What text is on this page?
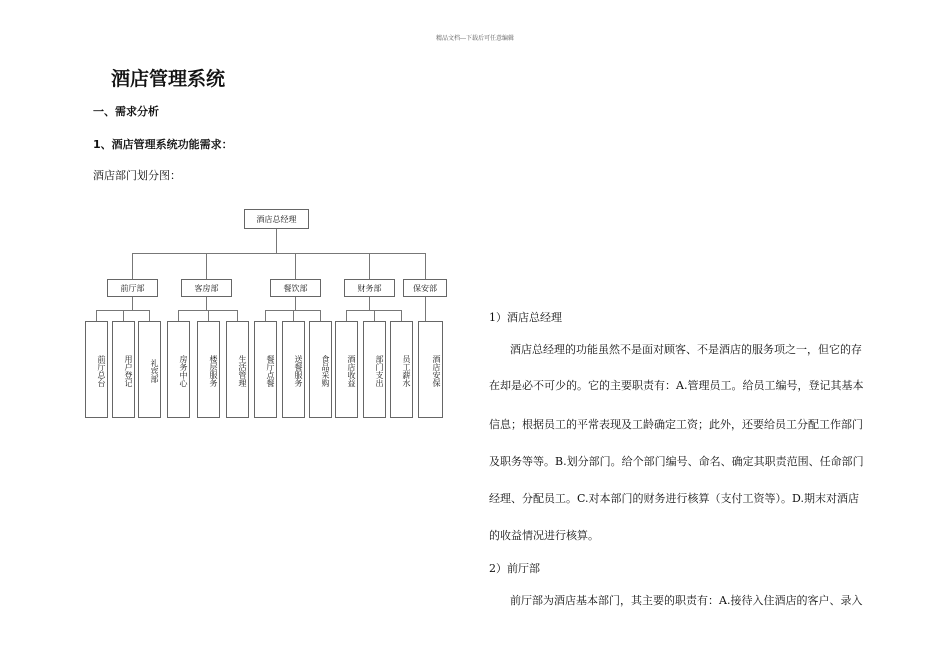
精品文档---下载后可任意编辑
酒店管理系统
一、需求分析
1、酒店管理系统功能需求：
酒店部门划分图：
酒店总经理
前厅部	客房部	餐饮部	财务部	保安部
前厅总台	用户登记	礼宾部	房务中心	楼层服务	生活管理	餐厅点餐	送餐服务	食品采购	酒店收益	部门支出	员工薪水	酒店安保
1）酒店总经理
酒店总经理的功能虽然不是面对顾客、不是酒店的服务项之一，但它的存
在却是必不可少的。它的主要职责有：A.管理员工。给员工编号，登记其基本
信息；根据员工的平常表现及工龄确定工资；此外，还要给员工分配工作部门
及职务等等。B.划分部门。给个部门编号、命名、确定其职责范围、任命部门
经理、分配员工。C.对本部门的财务进行核算（支付工资等）。D.期末对酒店
的收益情况进行核算。
2）前厅部
前厅部为酒店基本部门，其主要的职责有：A.接待入住酒店的客户、录入
